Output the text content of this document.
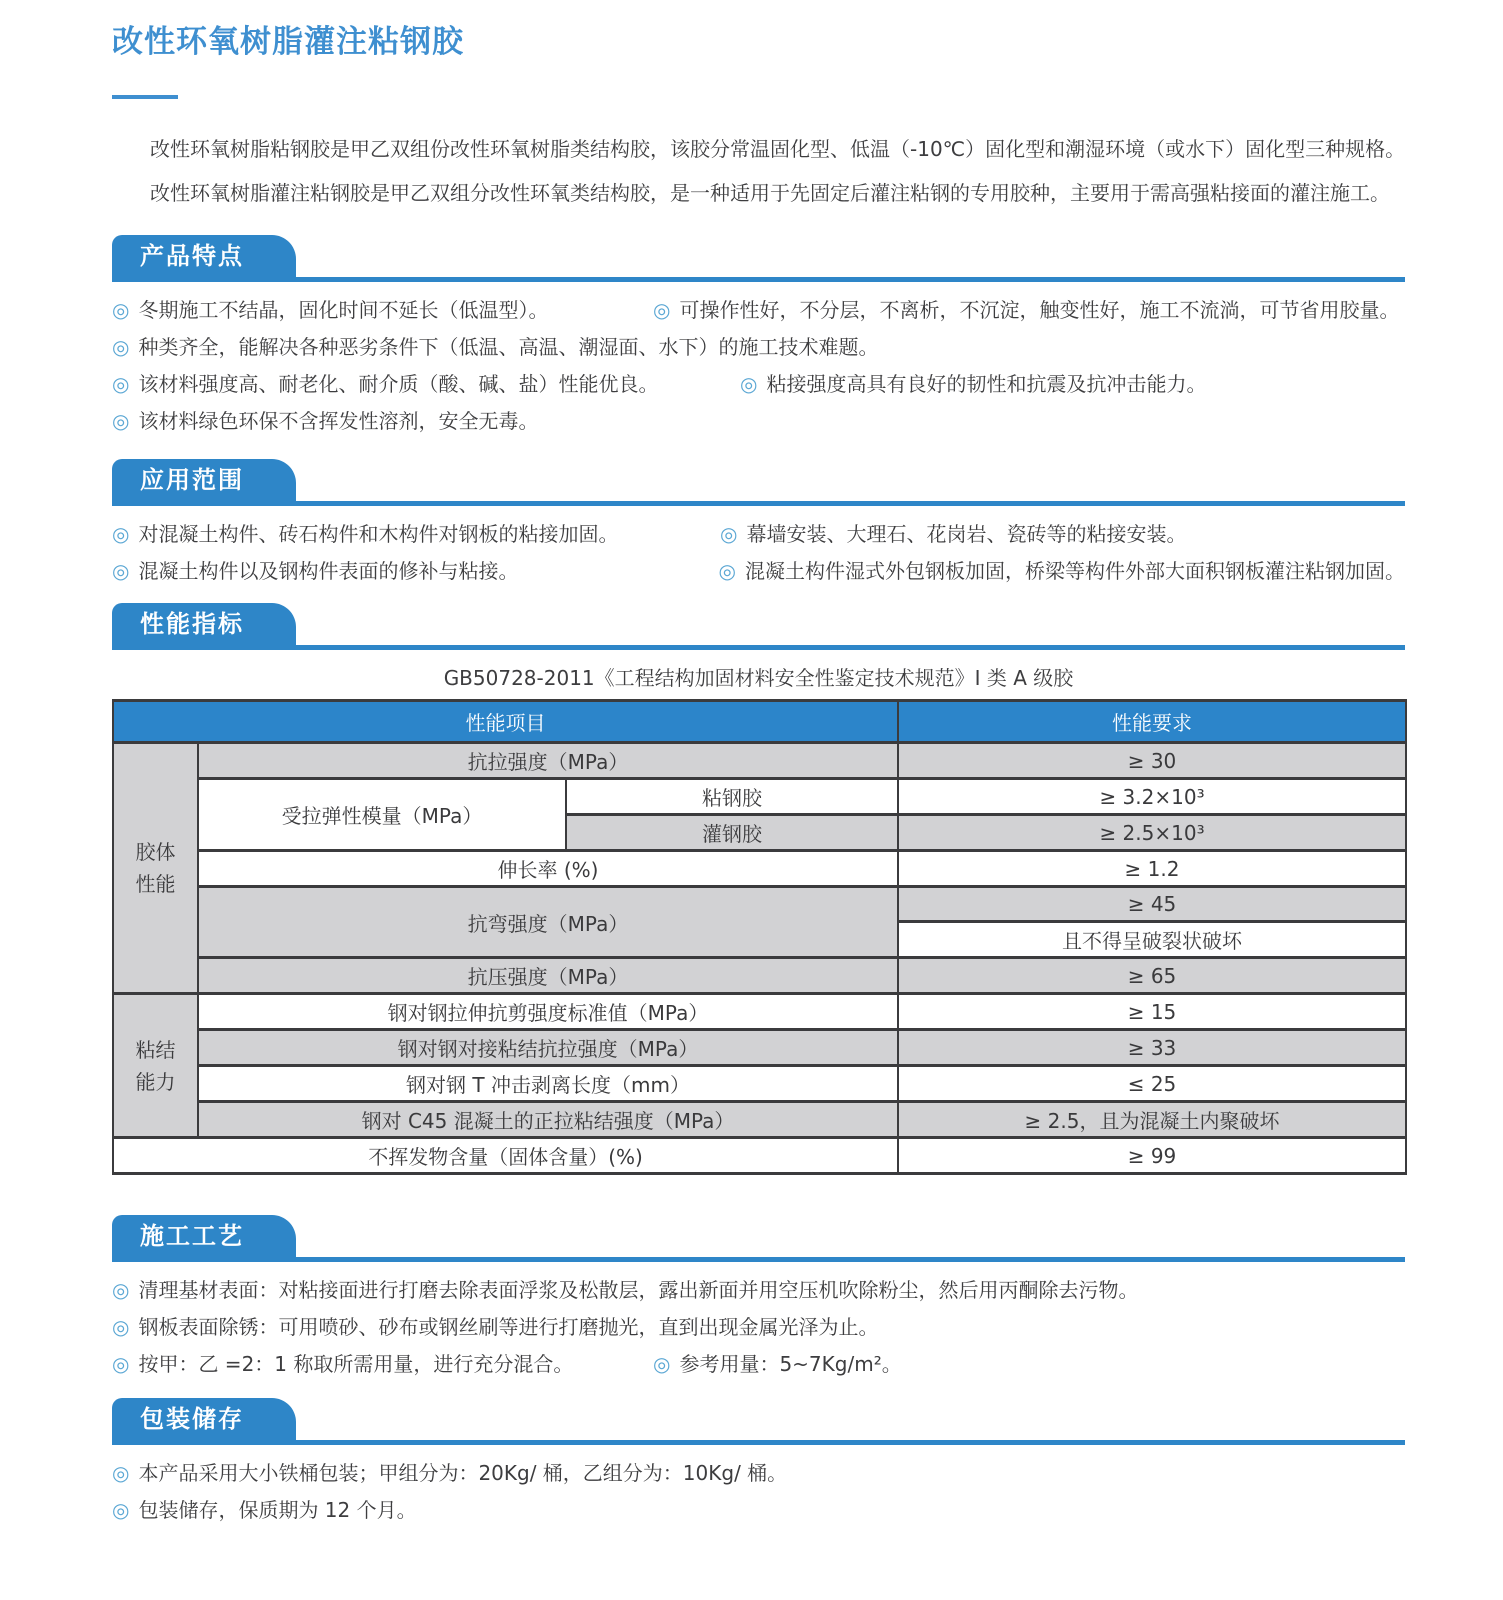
改性环氧树脂灌注粘钢胶

改性环氧树脂粘钢胶是甲乙双组份改性环氧树脂类结构胶，该胶分常温固化型、低温（-10℃）固化型和潮湿环境（或水下）固化型三种规格。

改性环氧树脂灌注粘钢胶是甲乙双组分改性环氧类结构胶，是一种适用于先固定后灌注粘钢的专用胶种，主要用于需高强粘接面的灌注施工。

产品特点
◎ 冬期施工不结晶，固化时间不延长（低温型）。	◎ 可操作性好，不分层，不离析，不沉淀，触变性好，施工不流淌，可节省用胶量。
◎ 种类齐全，能解决各种恶劣条件下（低温、高温、潮湿面、水下）的施工技术难题。
◎ 该材料强度高、耐老化、耐介质（酸、碱、盐）性能优良。	◎ 粘接强度高具有良好的韧性和抗震及抗冲击能力。
◎ 该材料绿色环保不含挥发性溶剂，安全无毒。
应用范围
◎ 对混凝土构件、砖石构件和木构件对钢板的粘接加固。	◎ 幕墙安装、大理石、花岗岩、瓷砖等的粘接安装。
◎ 混凝土构件以及钢构件表面的修补与粘接。	◎ 混凝土构件湿式外包钢板加固，桥梁等构件外部大面积钢板灌注粘钢加固。
性能指标
GB50728-2011《工程结构加固材料安全性鉴定技术规范》I 类 A 级胶
性能项目			性能要求
胶体性能	抗拉强度（MPa）		≥ 30
	受拉弹性模量（MPa）	粘钢胶	≥ 3.2×10³
		灌钢胶	≥ 2.5×10³
	伸长率 (%)		≥ 1.2
	抗弯强度（MPa）		≥ 45
			且不得呈破裂状破坏
	抗压强度（MPa）		≥ 65
粘结能力	钢对钢拉伸抗剪强度标准值（MPa）		≥ 15
	钢对钢对接粘结抗拉强度（MPa）		≥ 33
	钢对钢 T 冲击剥离长度（mm）		≤ 25
	钢对 C45 混凝土的正拉粘结强度（MPa）		≥ 2.5，且为混凝土内聚破坏
不挥发物含量（固体含量）(%)			≥ 99
施工工艺
◎ 清理基材表面：对粘接面进行打磨去除表面浮浆及松散层，露出新面并用空压机吹除粉尘，然后用丙酮除去污物。
◎ 钢板表面除锈：可用喷砂、砂布或钢丝刷等进行打磨抛光，直到出现金属光泽为止。
◎ 按甲：乙 =2：1 称取所需用量，进行充分混合。	◎ 参考用量：5~7Kg/m²。
包装储存
◎ 本产品采用大小铁桶包装；甲组分为：20Kg/ 桶，乙组分为：10Kg/ 桶。
◎ 包装储存，保质期为 12 个月。
